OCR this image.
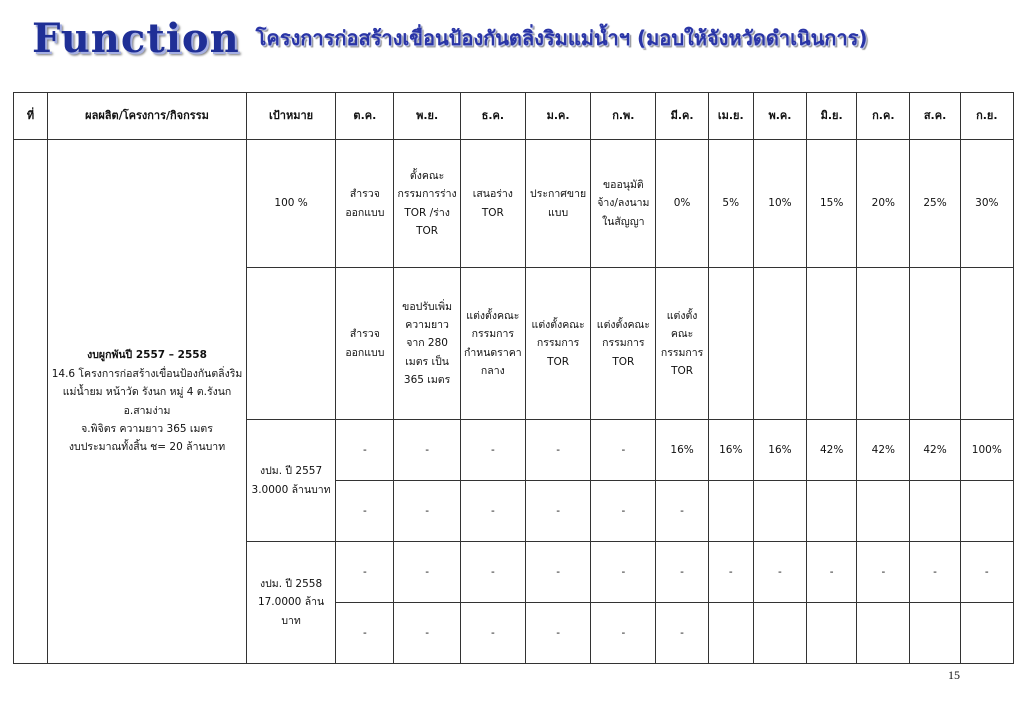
Function โครงการก่อสร้างเขื่อนป้องกันตลิ่งริมแม่น้ำฯ (มอบให้จังหวัดดำเนินการ)
ที่	ผลผลิต/โครงการ/กิจกรรม	เป้าหมาย	ต.ค.	พ.ย.	ธ.ค.	ม.ค.	ก.พ.	มี.ค.	เม.ย.	พ.ค.	มิ.ย.	ก.ค.	ส.ค.	ก.ย.

	งบผูกพันปี 2557 – 2558
14.6 โครงการก่อสร้างเขื่อนป้องกันตลิ่งริมแม่น้ำยม หน้าวัด รังนก หมู่ 4 ต.รังนก อ.สามง่าม
จ.พิจิตร ความยาว 365 เมตร
งบประมาณทั้งสิ้น ช= 20 ล้านบาท	100 %	สำรวจออกแบบ	ตั้งคณะกรรมการร่าง TOR /ร่าง TOR	เสนอร่าง TOR	ประกาศขายแบบ	ขออนุมัติจ้าง/ลงนามในสัญญา	0%	5%	10%	15%	20%	25%	30%
			สำรวจออกแบบ	ขอปรับเพิ่มความยาวจาก 280 เมตร เป็น 365 เมตร	แต่งตั้งคณะกรรมการกำหนดราคากลาง	แต่งตั้งคณะกรรมการ TOR	แต่งตั้งคณะกรรมการ TOR	แต่งตั้งคณะกรรมการ TOR						
		งปม. ปี 2557 3.0000 ล้านบาท	-	-	-	-	-	16%	16%	16%	42%	42%	42%	100%
			-	-	-	-	-	-						
		งปม. ปี 2558 17.0000 ล้านบาท	-	-	-	-	-	-	-	-	-	-	-	-
			-	-	-	-	-	-						
15
